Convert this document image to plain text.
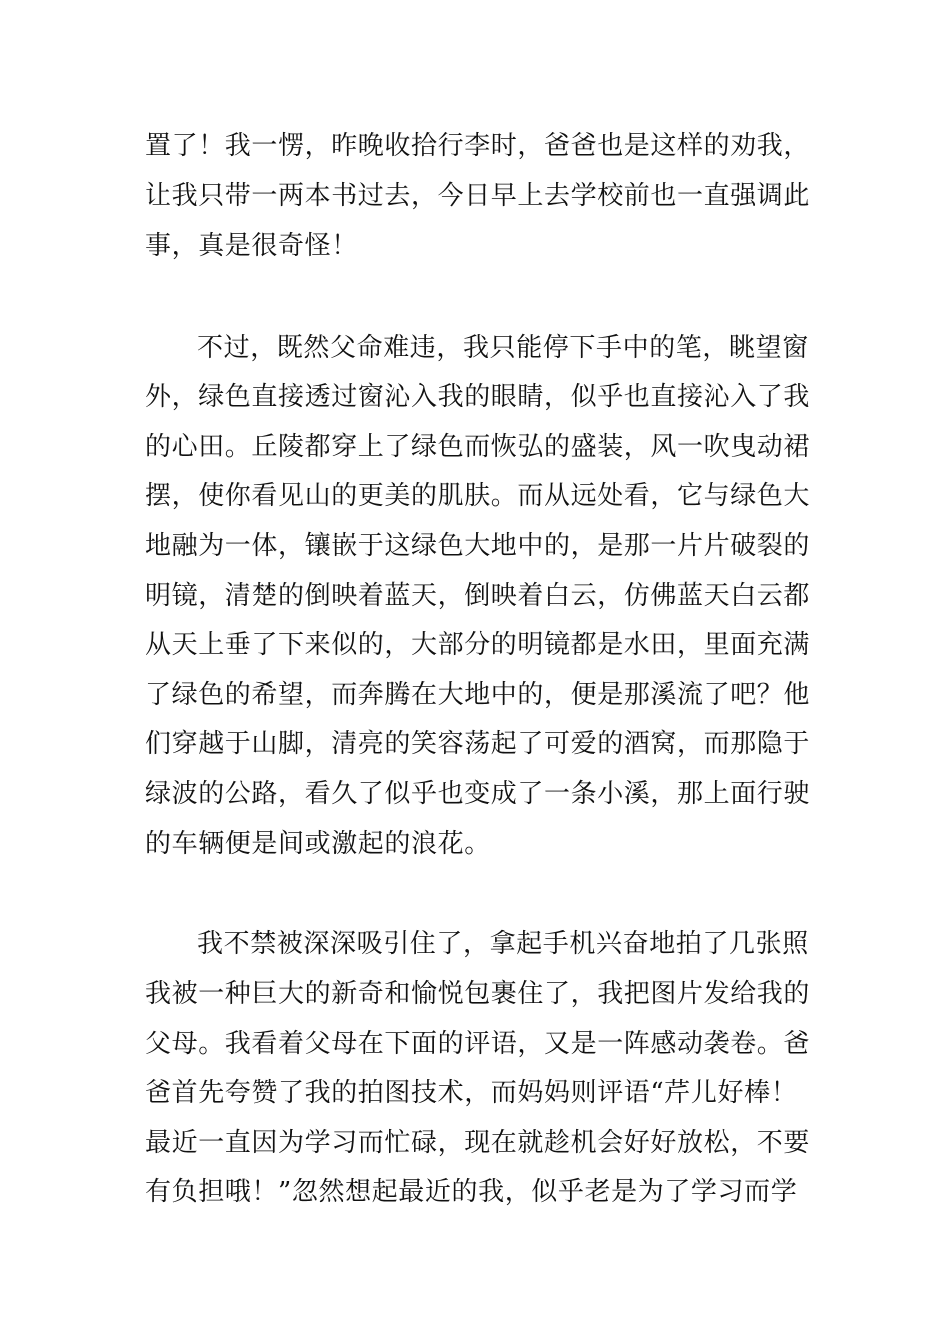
置了！我一愣，昨晚收拾行李时，爸爸也是这样的劝我，
让我只带一两本书过去，今日早上去学校前也一直强调此
事，真是很奇怪！
不过，既然父命难违，我只能停下手中的笔，眺望窗
外，绿色直接透过窗沁入我的眼睛，似乎也直接沁入了我
的心田。丘陵都穿上了绿色而恢弘的盛装，风一吹曳动裙
摆，使你看见山的更美的肌肤。而从远处看，它与绿色大
地融为一体，镶嵌于这绿色大地中的，是那一片片破裂的
明镜，清楚的倒映着蓝天，倒映着白云，仿佛蓝天白云都
从天上垂了下来似的，大部分的明镜都是水田，里面充满
了绿色的希望，而奔腾在大地中的，便是那溪流了吧？他
们穿越于山脚，清亮的笑容荡起了可爱的酒窝，而那隐于
绿波的公路，看久了似乎也变成了一条小溪，那上面行驶
的车辆便是间或激起的浪花。
我不禁被深深吸引住了，拿起手机兴奋地拍了几张照
我被一种巨大的新奇和愉悦包裹住了，我把图片发给我的
父母。我看着父母在下面的评语，又是一阵感动袭卷。爸
爸首先夸赞了我的拍图技术，而妈妈则评语“芹儿好棒！
最近一直因为学习而忙碌，现在就趁机会好好放松，不要
有负担哦！”忽然想起最近的我，似乎老是为了学习而学
